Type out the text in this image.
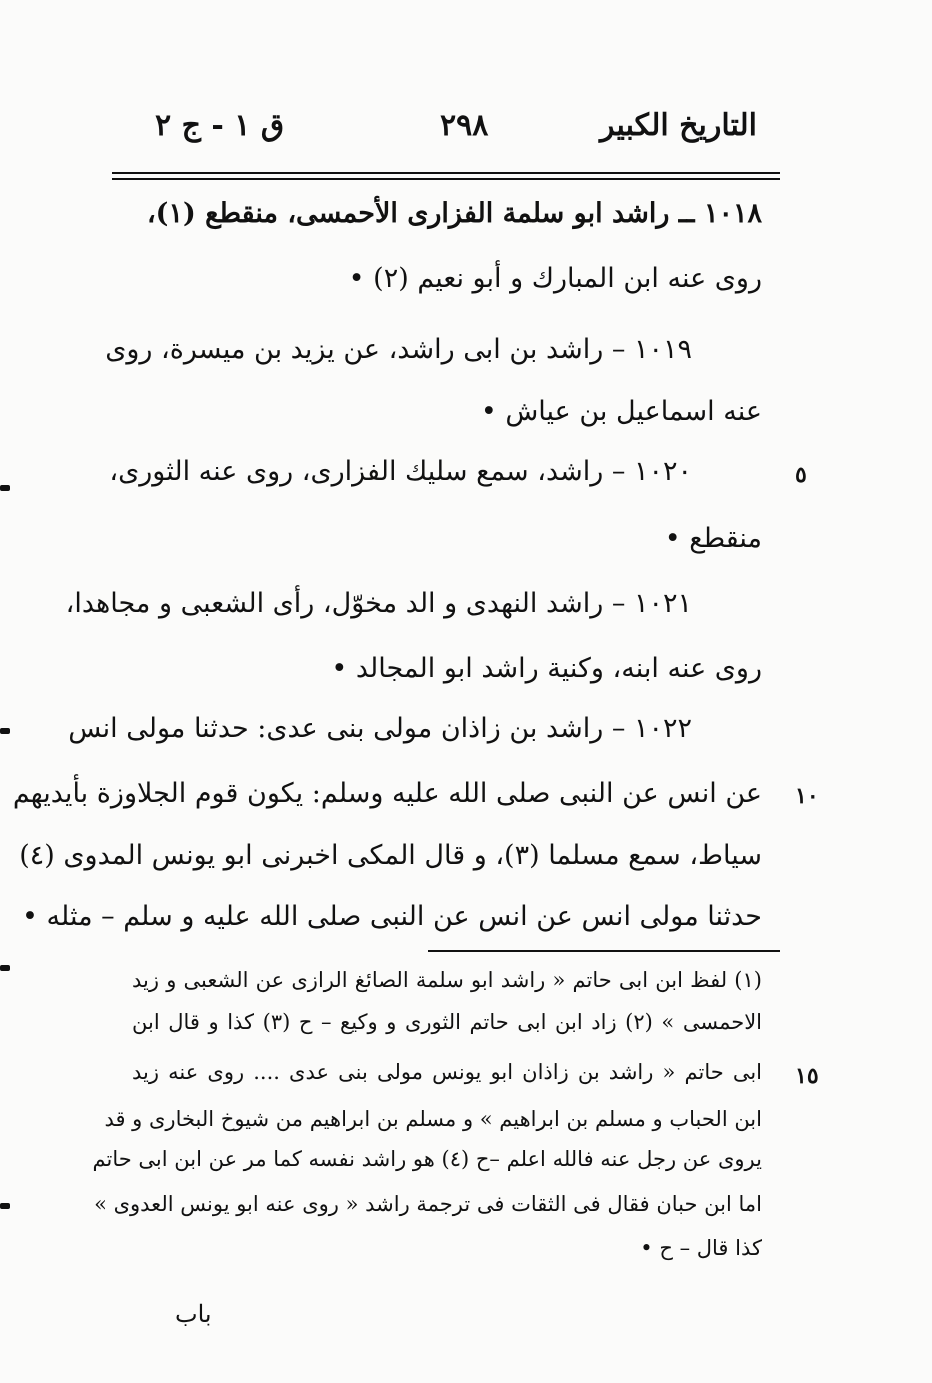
التاريخ الكبير
٢٩٨
ق ١ - ج ٢
١٠١٨ ــ راشد ابو سلمة الفزارى الأحمسى، منقطع (١)،
روى عنه ابن المبارك و أبو نعيم (٢) •
١٠١٩ – راشد بن ابى راشد، عن يزيد بن ميسرة، روى
عنه اسماعيل بن عياش •
١٠٢٠ – راشد، سمع سليك الفزارى، روى عنه الثورى،
منقطع •
١٠٢١ – راشد النهدى و الد مخوّل، رأى الشعبى و مجاهدا،
روى عنه ابنه، وكنية راشد ابو المجالد •
١٠٢٢ – راشد بن زاذان مولى بنى عدى: حدثنا مولى انس
عن انس عن النبى صلى الله عليه وسلم: يكون قوم الجلاوزة بأيديهم
سياط، سمع مسلما (٣)، و قال المكى اخبرنى ابو يونس المدوى (٤)
حدثنا مولى انس عن انس عن النبى صلى الله عليه و سلم – مثله •
٥
١٠
١٥
(١) لفظ ابن ابى حاتم « راشد ابو سلمة الصائغ الرازى عن الشعبى و زيد
الاحمسى » (٢) زاد ابن ابى حاتم الثورى و وكيع – ح (٣) كذا و قال ابن
ابى حاتم « راشد بن زاذان ابو يونس مولى بنى عدى .... روى عنه زيد
ابن الحباب و مسلم بن ابراهيم » و مسلم بن ابراهيم من شيوخ البخارى و قد
يروى عن رجل عنه فالله اعلم –ح (٤) هو راشد نفسه كما مر عن ابن ابى حاتم
اما ابن حبان فقال فى الثقات فى ترجمة راشد « روى عنه ابو يونس العدوى »
كذا قال – ح •
باب
